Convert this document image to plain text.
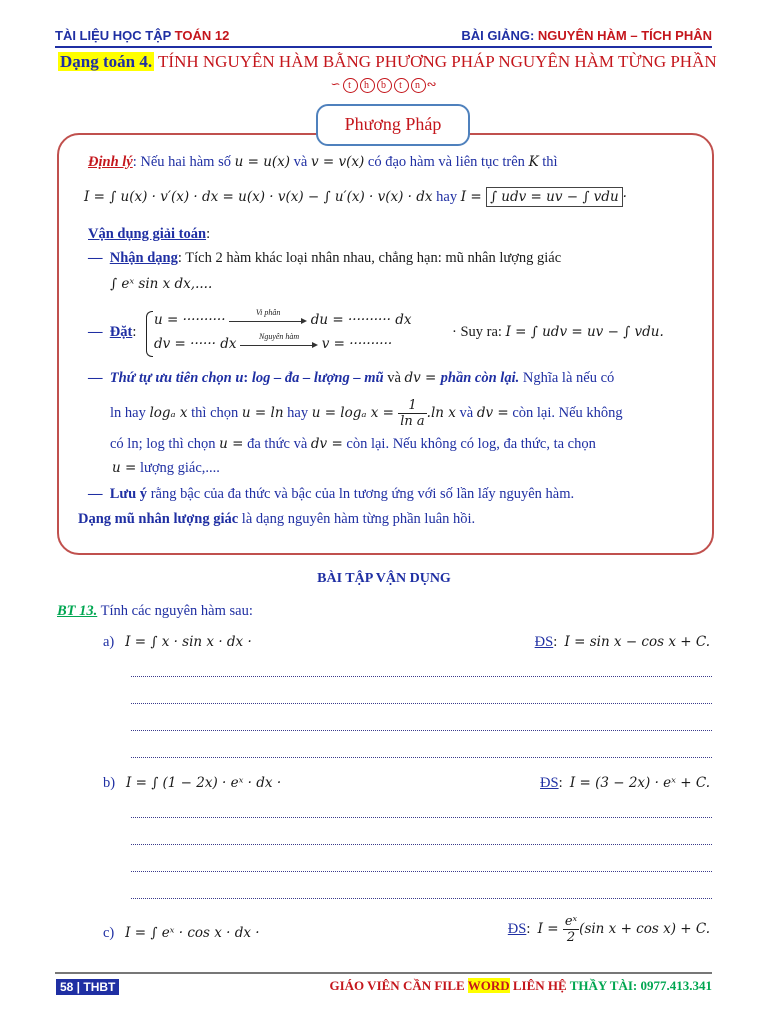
TÀI LIỆU HỌC TẬP TOÁN 12	BÀI GIẢNG: NGUYÊN HÀM – TÍCH PHÂN
Dạng toán 4. TÍNH NGUYÊN HÀM BẰNG PHƯƠNG PHÁP NGUYÊN HÀM TỪNG PHẦN
∽ t h b t n ∾
Phương Pháp
Định lý: Nếu hai hàm số u = u(x) và v = v(x) có đạo hàm và liên tục trên K thì
I = ∫ u(x) · v′(x) · dx = u(x) · v(x) − ∫ u′(x) · v(x) · dx hay I = ∫ udv = uv − ∫ vdu ·
Vận dụng giải toán:
— Nhận dạng: Tích 2 hàm khác loại nhân nhau, chẳng hạn: mũ nhân lượng giác
∫ eˣ sin x dx,....
— Đặt:
u = ··········	Vi phân	du = ·········· dx
dv = ······ dx	Nguyên hàm	v = ··········
· Suy ra: I = ∫ udv = uv − ∫ vdu.
— Thứ tự ưu tiên chọn u: log – đa – lượng – mũ và dv = phần còn lại. Nghĩa là nếu có
ln hay logₐ x thì chọn u = ln hay u = logₐ $x = \frac{1}{\text{ln a}} .\ln$ x và dv = còn lại. Nếu không
có ln; log thì chọn u = đa thức và dv = còn lại. Nếu không có log, đa thức, ta chọn
u = lượng giác,....
— Lưu ý rằng bậc của đa thức và bậc của ln tương ứng với số lần lấy nguyên hàm.
Dạng mũ nhân lượng giác là dạng nguyên hàm từng phần luân hồi.
BÀI TẬP VẬN DỤNG
BT 13. Tính các nguyên hàm sau:
a) I = ∫ x · sin x · dx ·	ĐS:  I = sin x − cos x + C.
b) I = ∫ (1 − 2x) · eˣ · dx ·	ĐS:  I = (3 − 2x) · eˣ + C.
c) I = ∫ eˣ · cos x · dx ·	ĐS:  $I = \frac{\text{eˣ}}{2} (\sin$ x + cos x) + C.
58 | THBT	GIÁO VIÊN CẦN FILE WORD LIÊN HỆ THẦY TÀI: 0977.413.341
